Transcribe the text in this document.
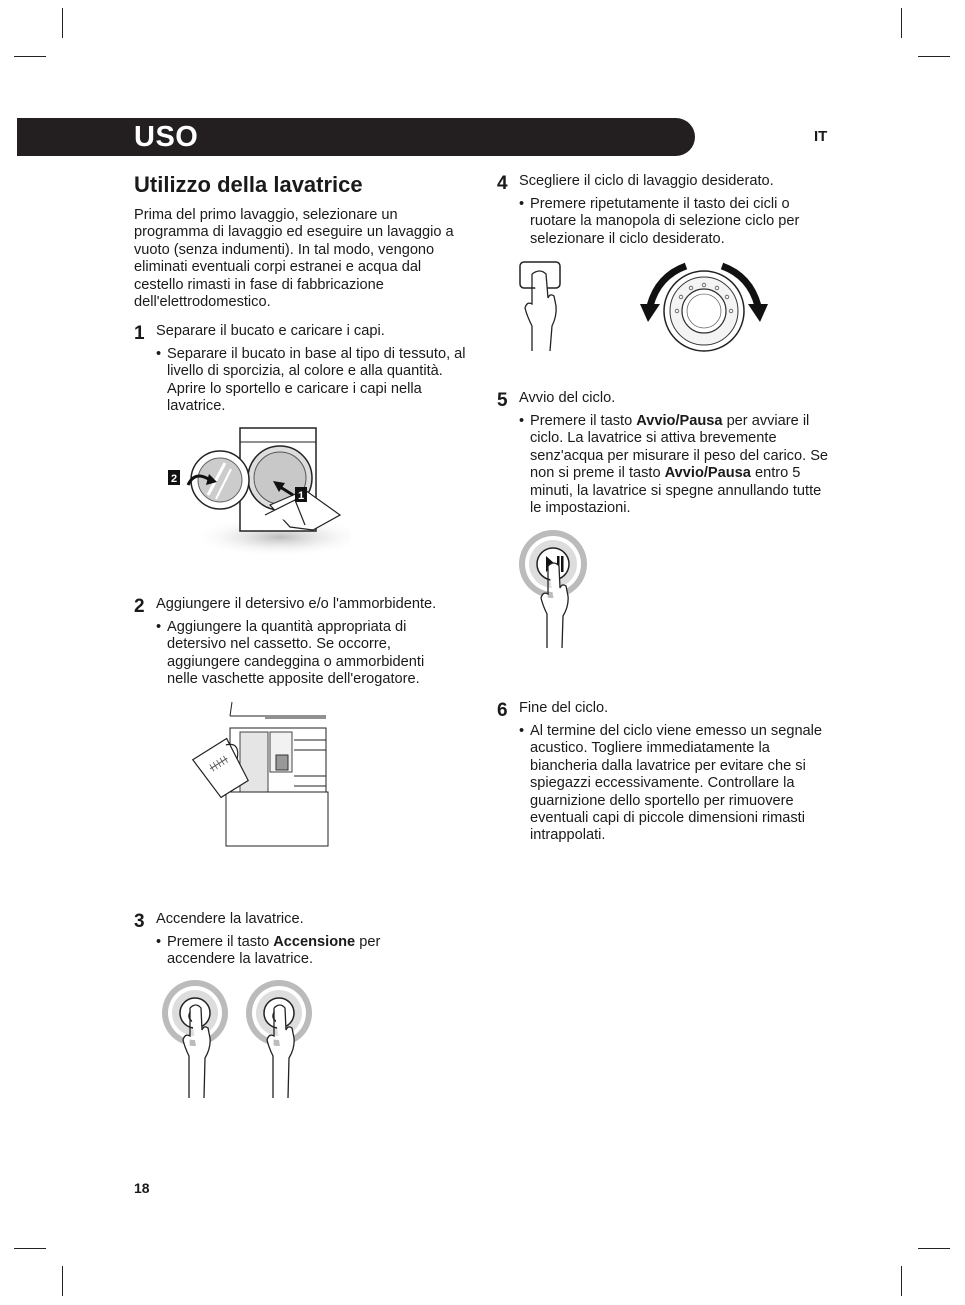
USO	IT
Utilizzo della lavatrice
Prima del primo lavaggio, selezionare un programma di lavaggio ed eseguire un lavaggio a vuoto (senza indumenti). In tal modo, vengono eliminati eventuali corpi estranei e acqua dal cestello rimasti in fase di fabbricazione dell'elettrodomestico.
1 Separare il bucato e caricare i capi.
• Separare il bucato in base al tipo di tessuto, al livello di sporcizia, al colore e alla quantità. Aprire lo sportello e caricare i capi nella lavatrice.
2
1
2 Aggiungere il detersivo e/o l'ammorbidente.
• Aggiungere la quantità appropriata di detersivo nel cassetto. Se occorre, aggiungere candeggina o ammorbidenti nelle vaschette apposite dell'erogatore.
3 Accendere la lavatrice.
• Premere il tasto Accensione per accendere la lavatrice.
4 Scegliere il ciclo di lavaggio desiderato.
• Premere ripetutamente il tasto dei cicli o ruotare la manopola di selezione ciclo per selezionare il ciclo desiderato.
5 Avvio del ciclo.
• Premere il tasto Avvio/Pausa per avviare il ciclo. La lavatrice si attiva brevemente senz'acqua per misurare il peso del carico. Se non si preme il tasto Avvio/Pausa entro 5 minuti, la lavatrice si spegne annullando tutte le impostazioni.
6 Fine del ciclo.
• Al termine del ciclo viene emesso un segnale acustico. Togliere immediatamente la biancheria dalla lavatrice per evitare che si spiegazzi eccessivamente. Controllare la guarnizione dello sportello per rimuovere eventuali capi di piccole dimensioni rimasti intrappolati.
18
